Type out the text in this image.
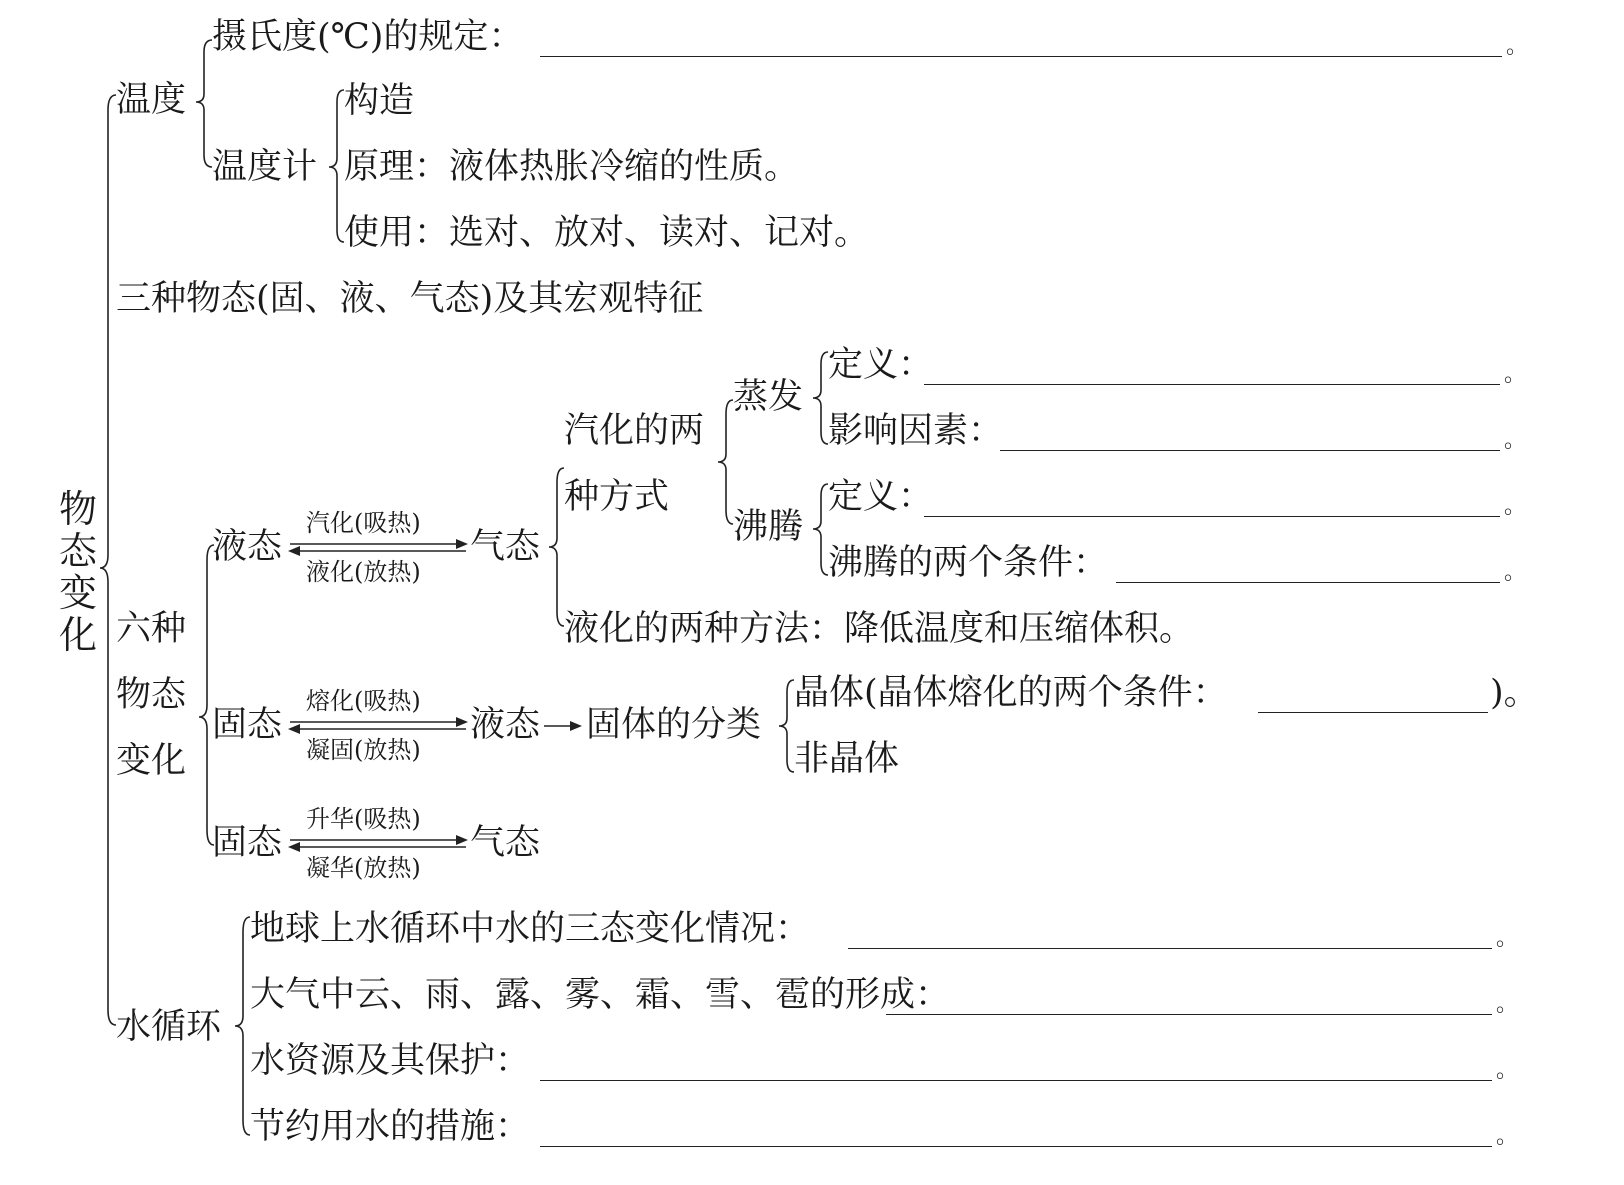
物态变化
温度
摄氏度(℃)的规定：	。
温度计
构造
原理：液体热胀冷缩的性质。
使用：选对、放对、读对、记对。
三种物态(固、液、气态)及其宏观特征
六种
物态
变化
液态
汽化(吸热)
液化(放热)
气态
汽化的两
种方式
蒸发
定义：	。
影响因素：	。
沸腾
定义：	。
沸腾的两个条件：	。
液化的两种方法：降低温度和压缩体积。
固态
熔化(吸热)
凝固(放热)
液态 固体的分类
晶体(晶体熔化的两个条件：	)。
非晶体
固态
升华(吸热)
凝华(放热)
气态
水循环
地球上水循环中水的三态变化情况：	。
大气中云、雨、露、雾、霜、雪、雹的形成：	。
水资源及其保护：	。
节约用水的措施：	。
